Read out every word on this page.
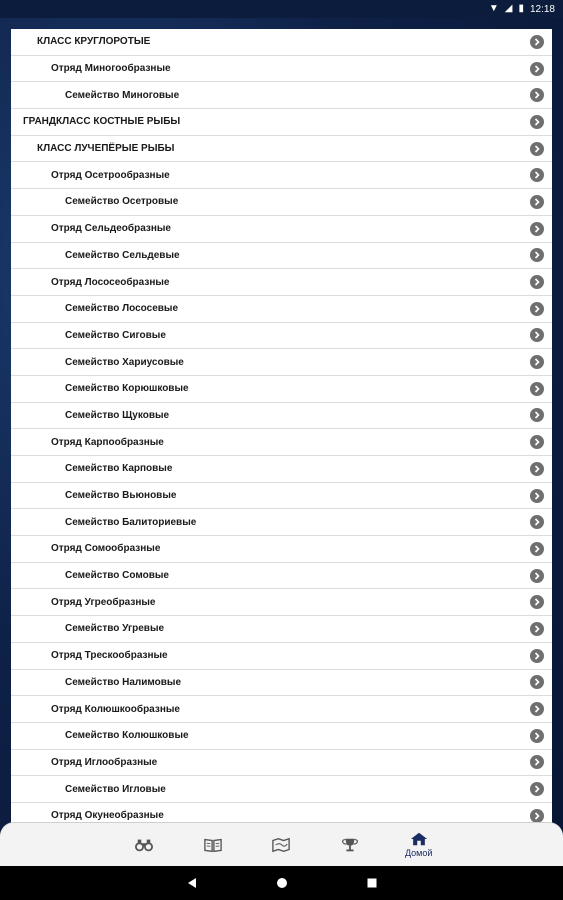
▼ ◢ ▮ 12:18
КЛАСС КРУГЛОРОТЫЕ
Отряд Миногообразные
Семейство Миноговые
ГРАНДКЛАСС КОСТНЫЕ РЫБЫ
КЛАСС ЛУЧЕПЁРЫЕ РЫБЫ
Отряд Осетрообразные
Семейство Осетровые
Отряд Сельдеобразные
Семейство Сельдевые
Отряд Лососеобразные
Семейство Лососевые
Семейство Сиговые
Семейство Хариусовые
Семейство Корюшковые
Семейство Щуковые
Отряд Карпообразные
Семейство Карповые
Семейство Вьюновые
Семейство Балиториевые
Отряд Сомообразные
Семейство Сомовые
Отряд Угреобразные
Семейство Угревые
Отряд Трескообразные
Семейство Налимовые
Отряд Колюшкообразные
Семейство Колюшковые
Отряд Иглообразные
Семейство Игловые
Отряд Окунеобразные
Домой
